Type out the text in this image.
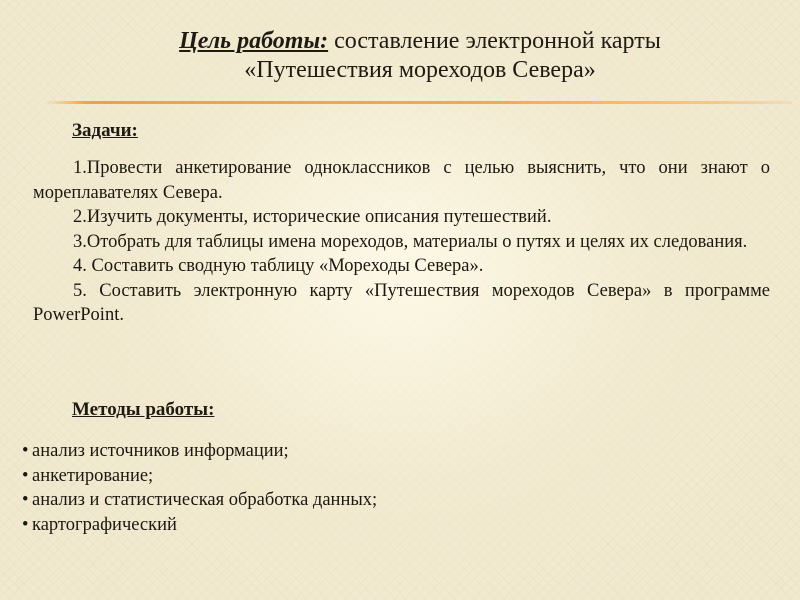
Цель работы: составление электронной карты
«Путешествия мореходов Севера»
Задачи:
1.Провести анкетирование одноклассников с целью выяснить, что они знают о мореплавателях Севера.
2.Изучить документы, исторические описания путешествий.
3.Отобрать для таблицы имена мореходов, материалы о путях и целях их следования.
4. Составить сводную таблицу «Мореходы Севера».
5. Составить электронную карту «Путешествия мореходов Севера» в программе PowerPoint.
Методы работы:
• анализ источников информации;
• анкетирование;
• анализ и статистическая обработка данных;
• картографический
